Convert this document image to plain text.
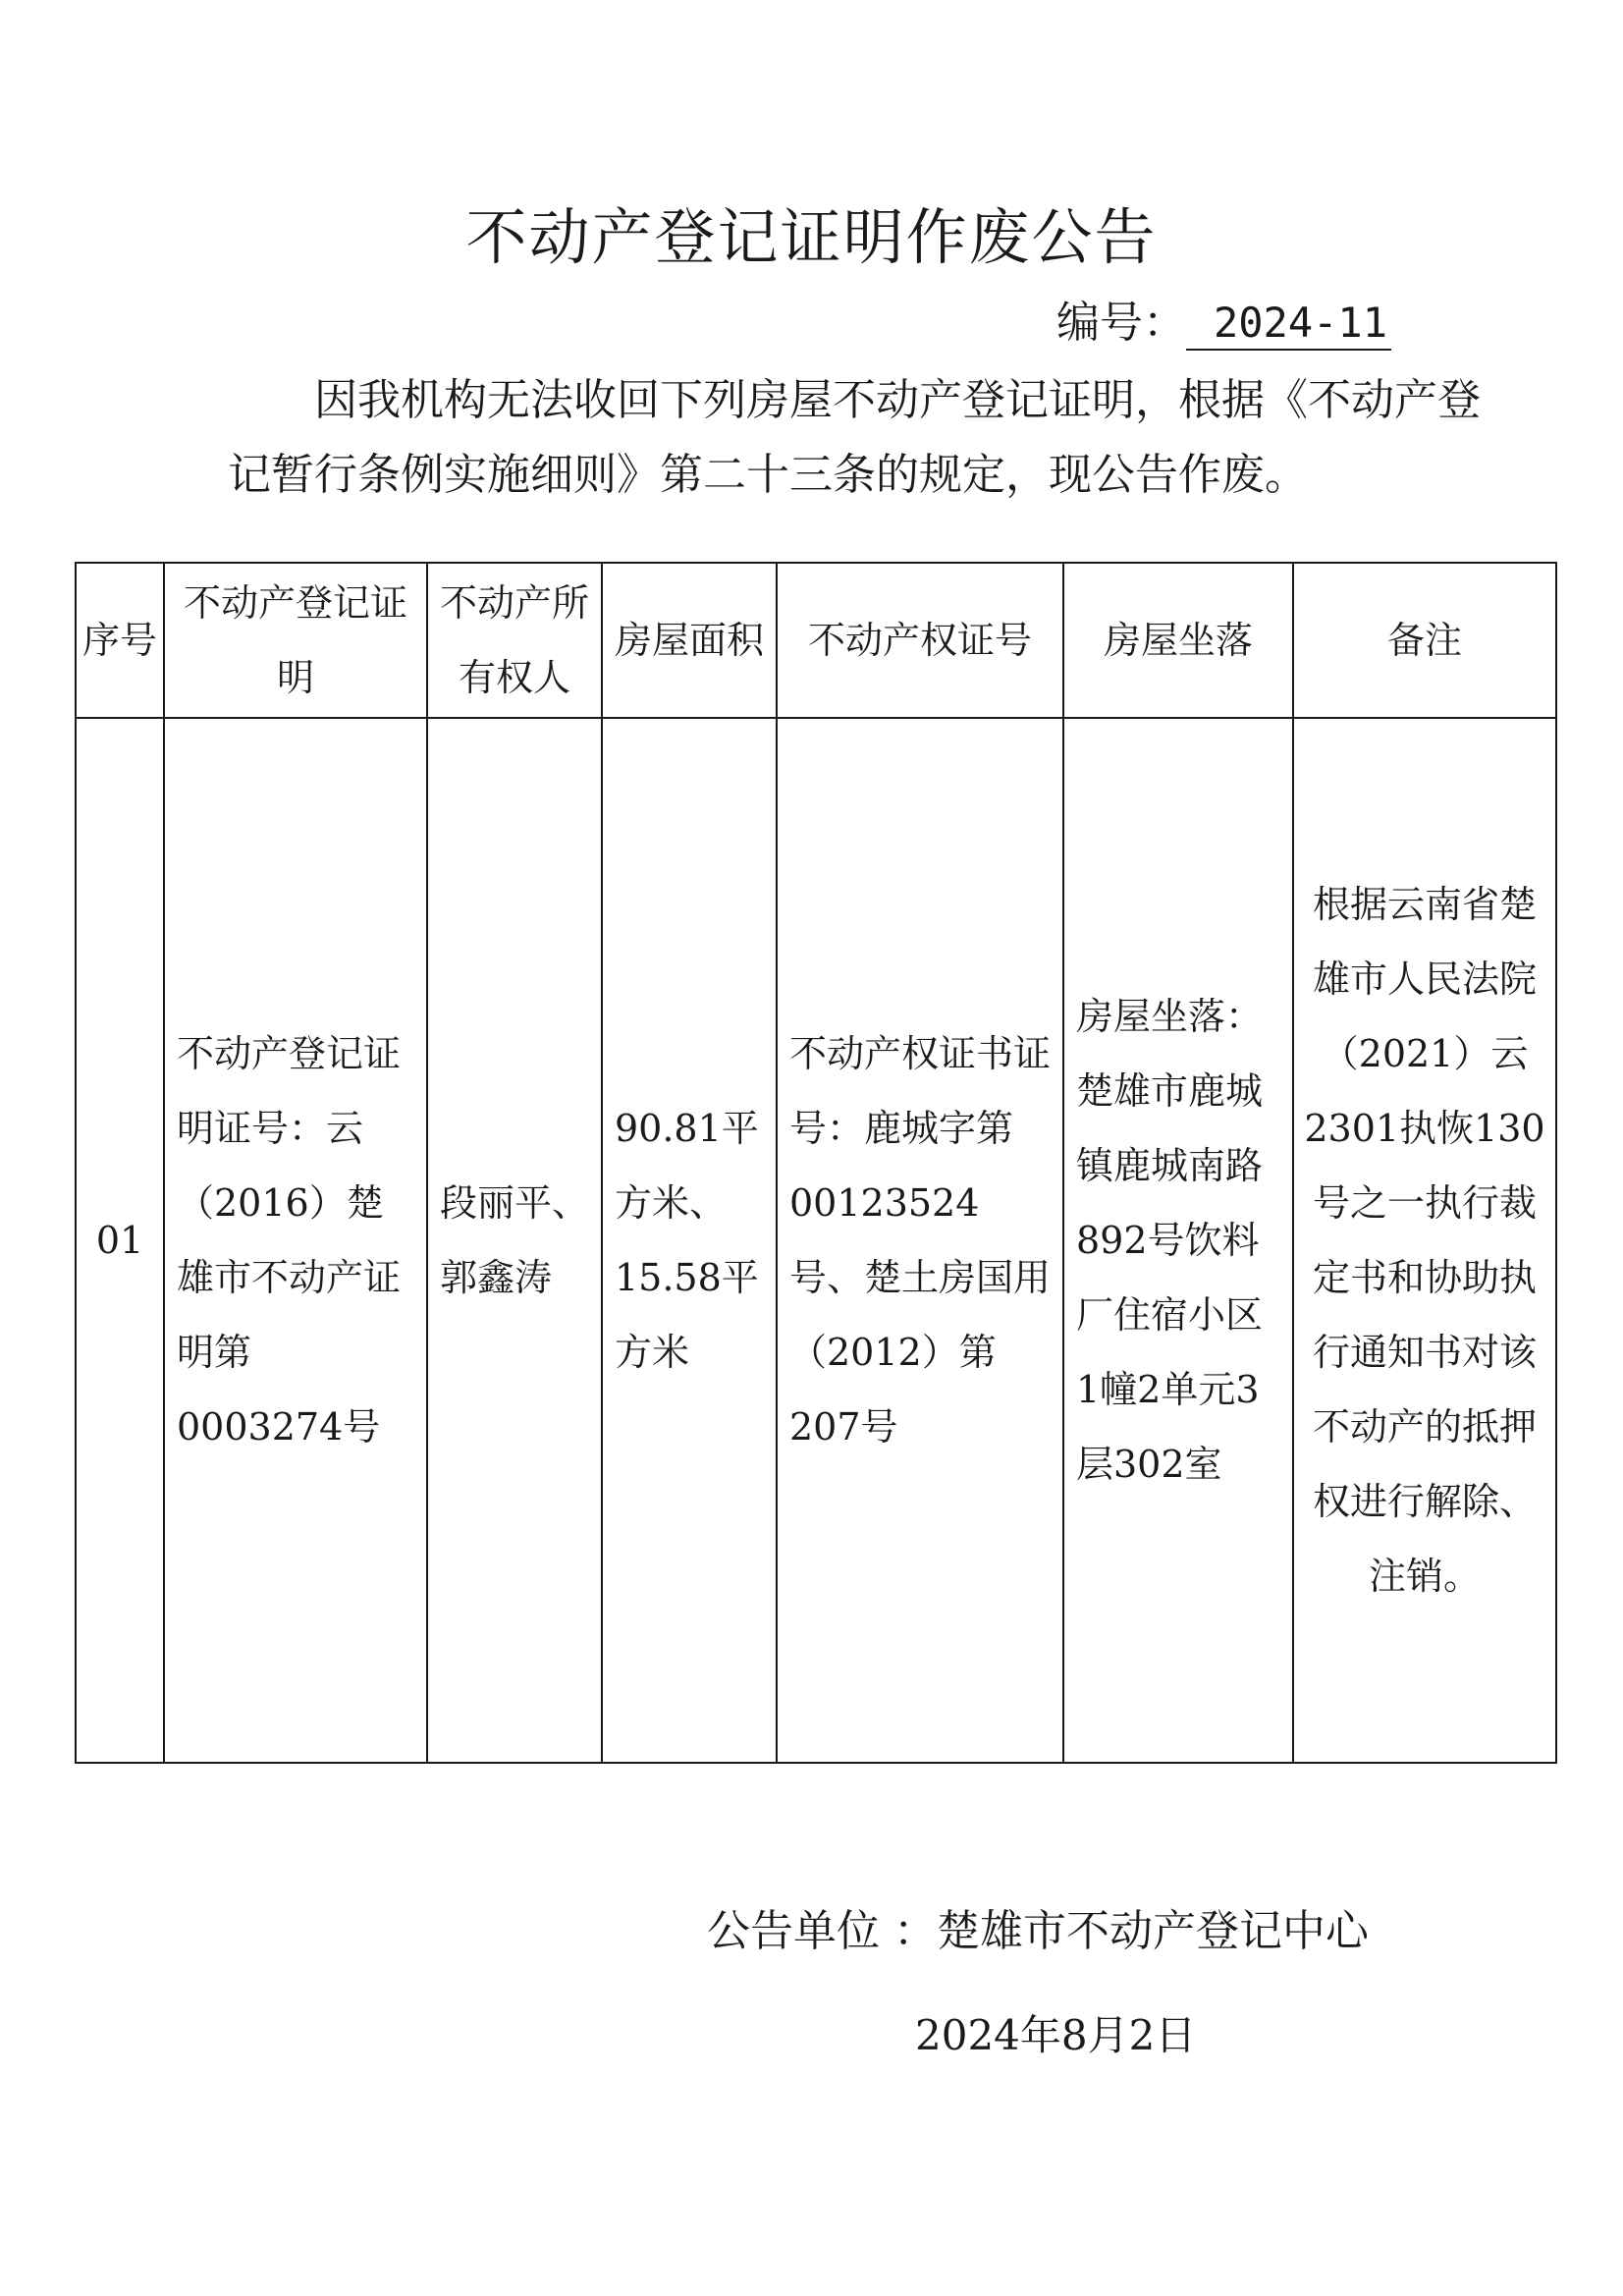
不动产登记证明作废公告
编号： 2024-11
因我机构无法收回下列房屋不动产登记证明，根据《不动产登记暂行条例实施细则》第二十三条的规定，现公告作废。
序号	不动产登记证明	不动产所有权人	房屋面积	不动产权证号	房屋坐落	备注
01	不动产登记证明证号：云（2016）楚雄市不动产证明第0003274号	段丽平、郭鑫涛	90.81平方米、15.58平方米	不动产权证书证号：鹿城字第00123524号、楚土房国用（2012）第207号	房屋坐落：楚雄市鹿城镇鹿城南路892号饮料厂住宿小区1幢2单元3层302室	根据云南省楚雄市人民法院（2021）云2301执恢130号之一执行裁定书和协助执行通知书对该不动产的抵押权进行解除、注销。
公告单位 ：楚雄市不动产登记中心
2024年8月2日
